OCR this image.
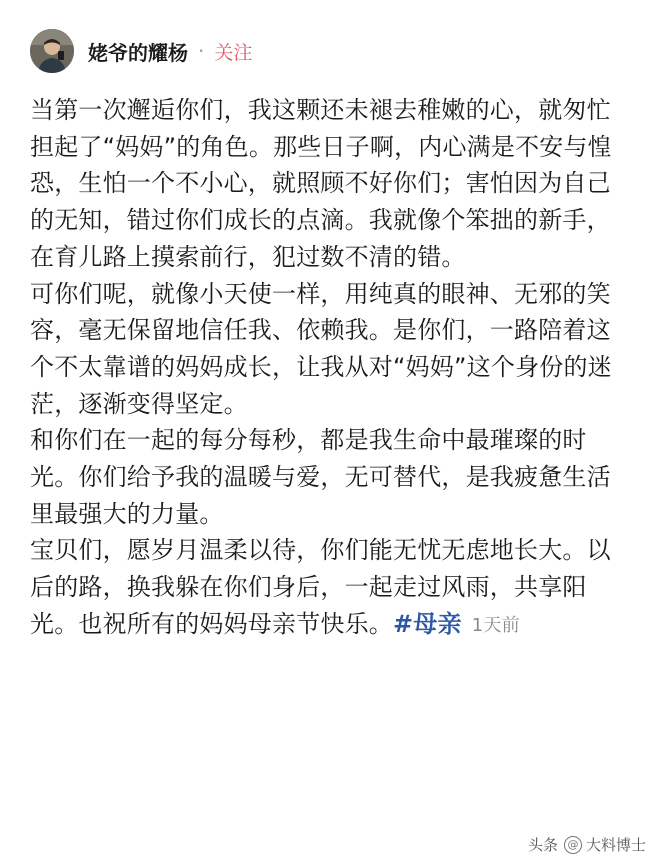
姥爷的耀杨 · 关注

当第一次邂逅你们，我这颗还未褪去稚嫩的心，就匆忙担起了“妈妈”的角色。那些日子啊，内心满是不安与惶恐，生怕一个不小心，就照顾不好你们；害怕因为自己的无知，错过你们成长的点滴。我就像个笨拙的新手，在育儿路上摸索前行，犯过数不清的错。

可你们呢，就像小天使一样，用纯真的眼神、无邪的笑容，毫无保留地信任我、依赖我。是你们，一路陪着这个不太靠谱的妈妈成长，让我从对“妈妈”这个身份的迷茫，逐渐变得坚定。

和你们在一起的每分每秒，都是我生命中最璀璨的时光。你们给予我的温暖与爱，无可替代，是我疲惫生活里最强大的力量。

宝贝们，愿岁月温柔以待，你们能无忧无虑地长大。以后的路，换我躲在你们身后，一起走过风雨，共享阳光。也祝所有的妈妈母亲节快乐。#母亲 1天前

头条 @ 大料博士
